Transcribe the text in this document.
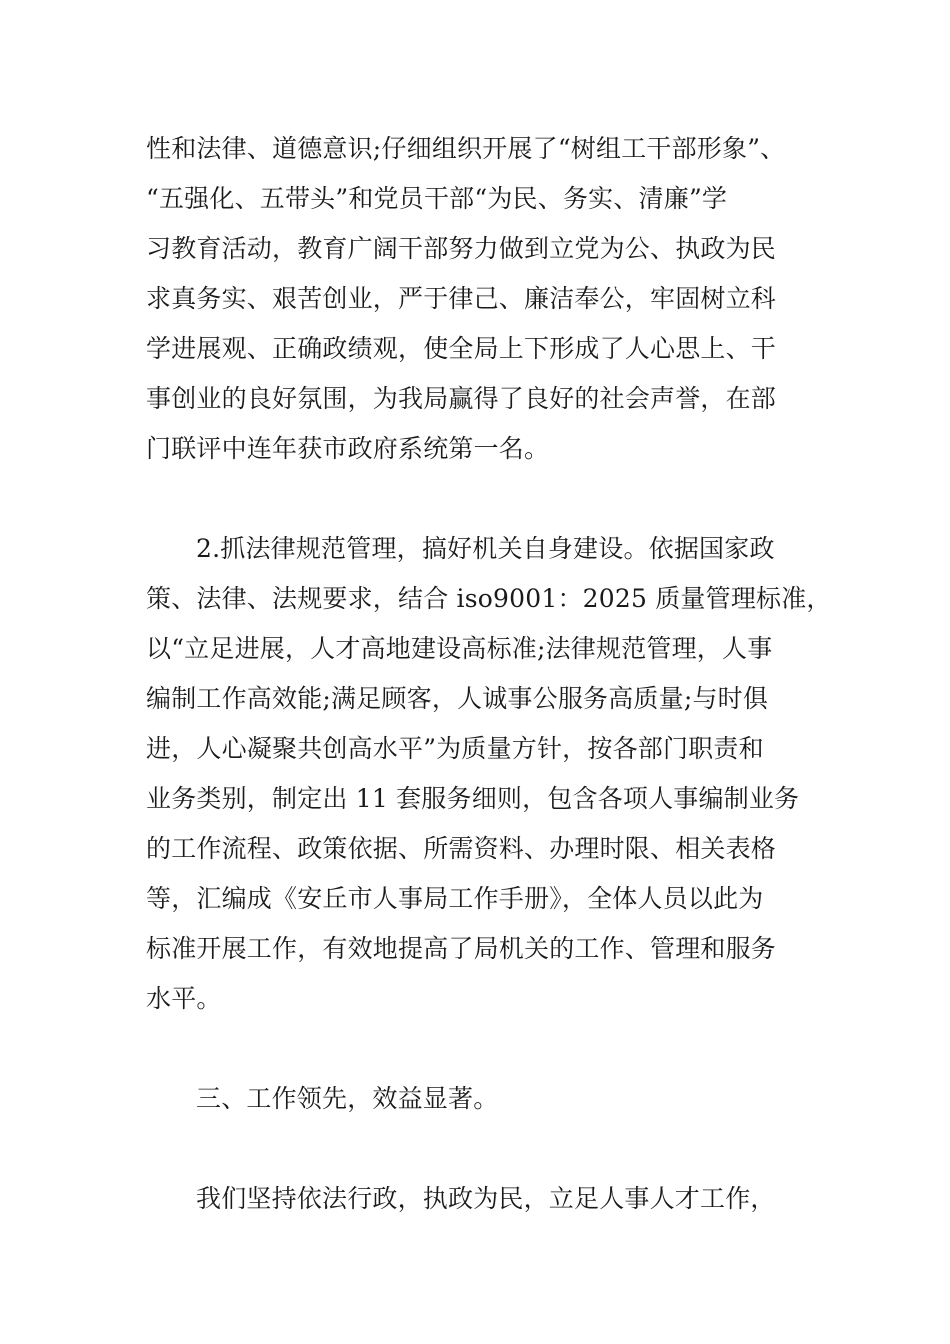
性和法律、道德意识;仔细组织开展了“树组工干部形象”、
“五强化、五带头”和党员干部“为民、务实、清廉”学
习教育活动，教育广阔干部努力做到立党为公、执政为民
求真务实、艰苦创业，严于律己、廉洁奉公，牢固树立科
学进展观、正确政绩观，使全局上下形成了人心思上、干
事创业的良好氛围，为我局赢得了良好的社会声誉，在部
门联评中连年获市政府系统第一名。
2.抓法律规范管理，搞好机关自身建设。依据国家政
策、法律、法规要求，结合 iso9001：2025 质量管理标准，
以“立足进展，人才高地建设高标准;法律规范管理，人事
编制工作高效能;满足顾客，人诚事公服务高质量;与时俱
进，人心凝聚共创高水平”为质量方针，按各部门职责和
业务类别，制定出 11 套服务细则，包含各项人事编制业务
的工作流程、政策依据、所需资料、办理时限、相关表格
等，汇编成《安丘市人事局工作手册》，全体人员以此为
标准开展工作，有效地提高了局机关的工作、管理和服务
水平。
三、工作领先，效益显著。
我们坚持依法行政，执政为民，立足人事人才工作，
